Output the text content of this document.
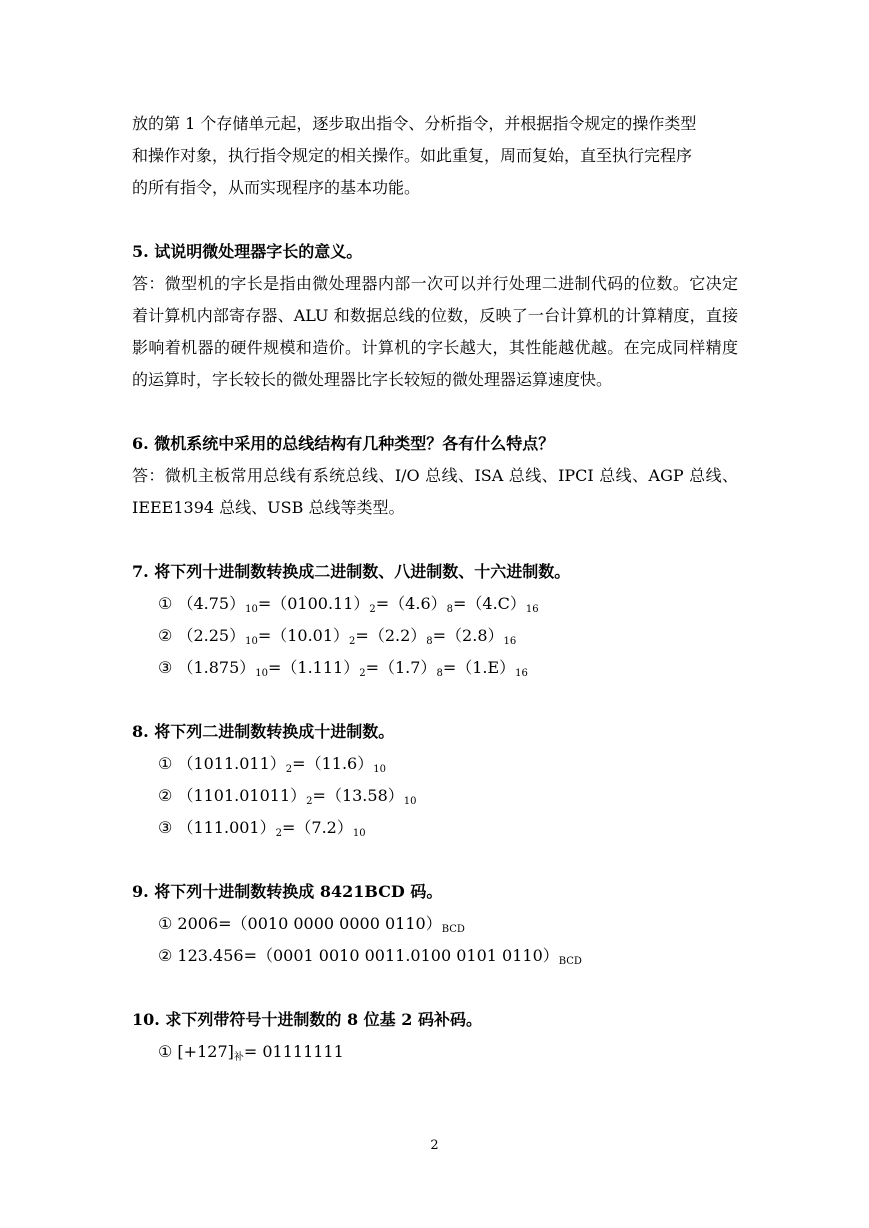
放的第 1 个存储单元起，逐步取出指令、分析指令，并根据指令规定的操作类型

和操作对象，执行指令规定的相关操作。如此重复，周而复始，直至执行完程序

的所有指令，从而实现程序的基本功能。

5. 试说明微处理器字长的意义。

答：微型机的字长是指由微处理器内部一次可以并行处理二进制代码的位数。它决定着计算机内部寄存器、ALU 和数据总线的位数，反映了一台计算机的计算精度，直接影响着机器的硬件规模和造价。计算机的字长越大，其性能越优越。在完成同样精度的运算时，字长较长的微处理器比字长较短的微处理器运算速度快。

6. 微机系统中采用的总线结构有几种类型？各有什么特点？

答：微机主板常用总线有系统总线、I/O 总线、ISA 总线、IPCI 总线、AGP 总线、IEEE1394 总线、USB 总线等类型。

7. 将下列十进制数转换成二进制数、八进制数、十六进制数。

① $(4.75)_{10}=(0100.11)_2=(4.6)_8=(4.C)_{16}$

② $(2.25)_{10}=(10.01)_2=(2.2)_8=(2.8)_{16}$

③ $(1.875)_{10}=(1.111)_2=(1.7)_8=(1.E)_{16}$

8. 将下列二进制数转换成十进制数。

① $(1011.011)_2=(11.6)_{10}$

② $(1101.01011)_2=(13.58)_{10}$

③ $(111.001)_2=(7.2)_{10}$

9. 将下列十进制数转换成 8421BCD 码。

① 2006=（0010 0000 0000 $0110)_{BCD}$

② 123.456=（0001 0010 0011.0100 0101 $0110)_{BCD}$

10. 求下列带符号十进制数的 8 位基 2 码补码。

① $[+127]_补= 01111111$

2
